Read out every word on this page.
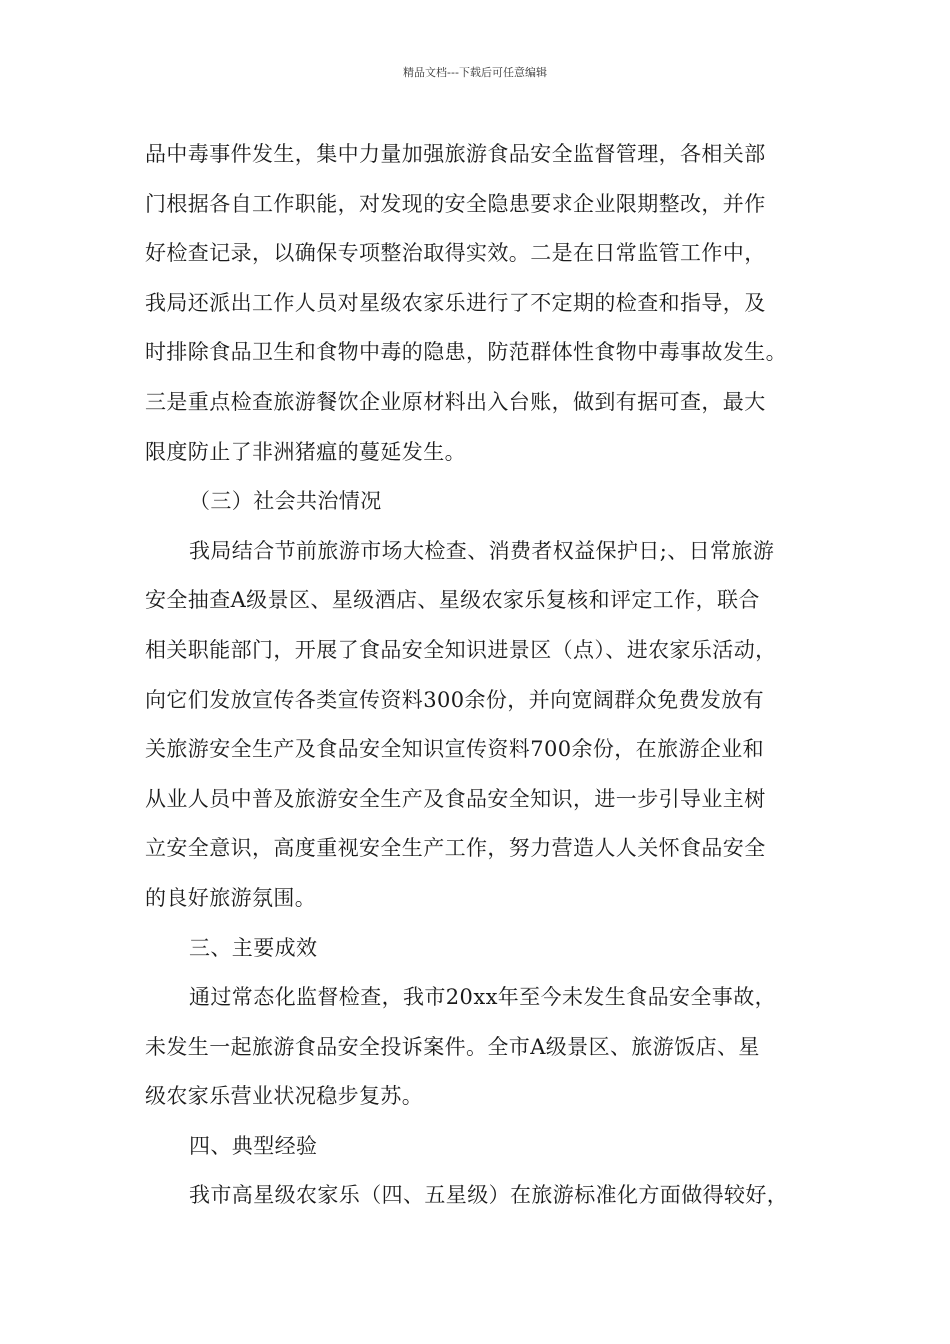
精品文档---下载后可任意编辑
品中毒事件发生，集中力量加强旅游食品安全监督管理，各相关部
门根据各自工作职能，对发现的安全隐患要求企业限期整改，并作
好检查记录，以确保专项整治取得实效。二是在日常监管工作中，
我局还派出工作人员对星级农家乐进行了不定期的检查和指导，及
时排除食品卫生和食物中毒的隐患，防范群体性食物中毒事故发生。
三是重点检查旅游餐饮企业原材料出入台账，做到有据可查，最大
限度防止了非洲猪瘟的蔓延发生。
（三）社会共治情况
我局结合节前旅游市场大检查、消费者权益保护日;、日常旅游
安全抽查A级景区、星级酒店、星级农家乐复核和评定工作，联合
相关职能部门，开展了食品安全知识进景区（点）、进农家乐活动，
向它们发放宣传各类宣传资料300余份，并向宽阔群众免费发放有
关旅游安全生产及食品安全知识宣传资料700余份，在旅游企业和
从业人员中普及旅游安全生产及食品安全知识，进一步引导业主树
立安全意识，高度重视安全生产工作，努力营造人人关怀食品安全
的良好旅游氛围。
三、主要成效
通过常态化监督检查，我市20xx年至今未发生食品安全事故，
未发生一起旅游食品安全投诉案件。全市A级景区、旅游饭店、星
级农家乐营业状况稳步复苏。
四、典型经验
我市高星级农家乐（四、五星级）在旅游标准化方面做得较好，
